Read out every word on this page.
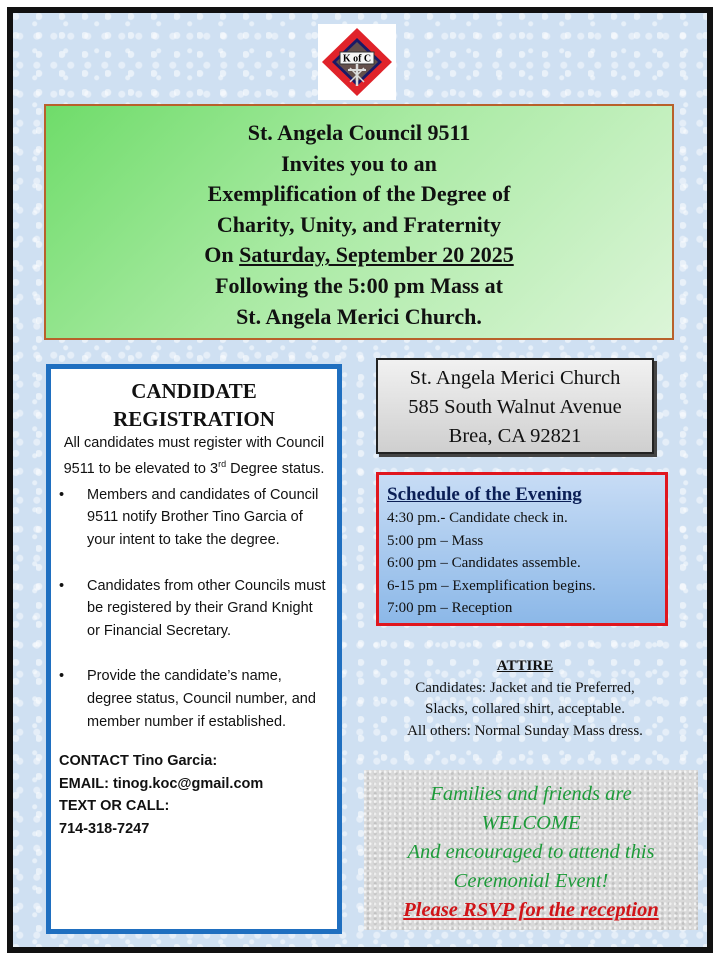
K of C
St. Angela Council 9511
Invites you to an
Exemplification of the Degree of
Charity, Unity, and Fraternity
On Saturday, September 20 2025
Following the 5:00 pm Mass at
St. Angela Merici Church.
CANDIDATE
REGISTRATION
All candidates must register with Council 9511 to be elevated to 3rd Degree status.
• Members and candidates of Council 9511 notify Brother Tino Garcia of your intent to take the degree.
• Candidates from other Councils must be registered by their Grand Knight or Financial Secretary.
• Provide the candidate’s name, degree status, Council number, and member number if established.
CONTACT Tino Garcia:
EMAIL: tinog.koc@gmail.com
TEXT OR CALL:
714-318-7247
St. Angela Merici Church
585 South Walnut Avenue
Brea, CA 92821
Schedule of the Evening
4:30 pm.- Candidate check in.
5:00 pm – Mass
6:00 pm – Candidates assemble.
6-15 pm – Exemplification begins.
7:00 pm – Reception
ATTIRE
Candidates: Jacket and tie Preferred,
Slacks, collared shirt, acceptable.
All others: Normal Sunday Mass dress.
Families and friends are
WELCOME
And encouraged to attend this
Ceremonial Event!
Please RSVP for the reception
